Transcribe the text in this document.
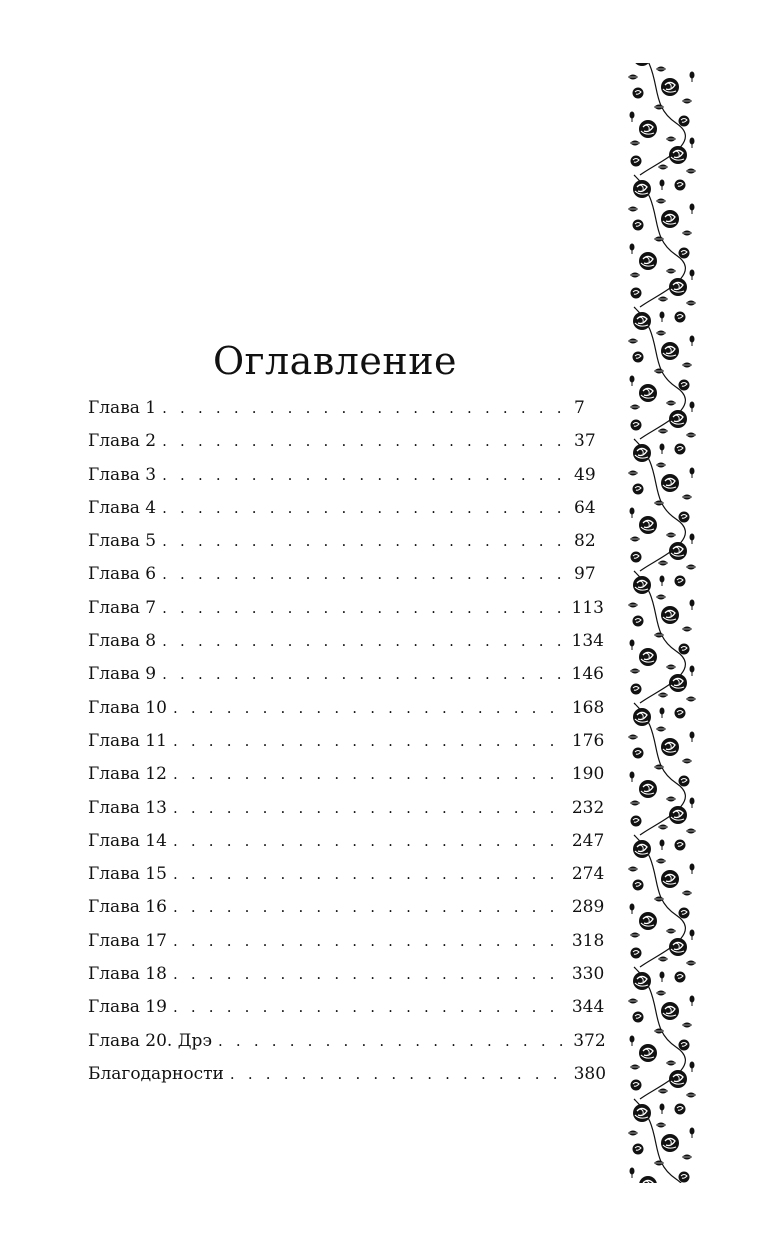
Оглавление
Глава 1 . . .	7
Глава 2 . . .	37
Глава 3 . . .	49
Глава 4 . . .	64
Глава 5 . . .	82
Глава 6 . . .	97
Глава 7 . . .	113
Глава 8 . . .	134
Глава 9 . . .	146
Глава 10 . . .	168
Глава 11 . . .	176
Глава 12 . . .	190
Глава 13 . . .	232
Глава 14 . . .	247
Глава 15 . . .	274
Глава 16 . . .	289
Глава 17 . . .	318
Глава 18 . . .	330
Глава 19 . . .	344
Глава 20. Дрэ . . .	372
Благодарности . . .	380
